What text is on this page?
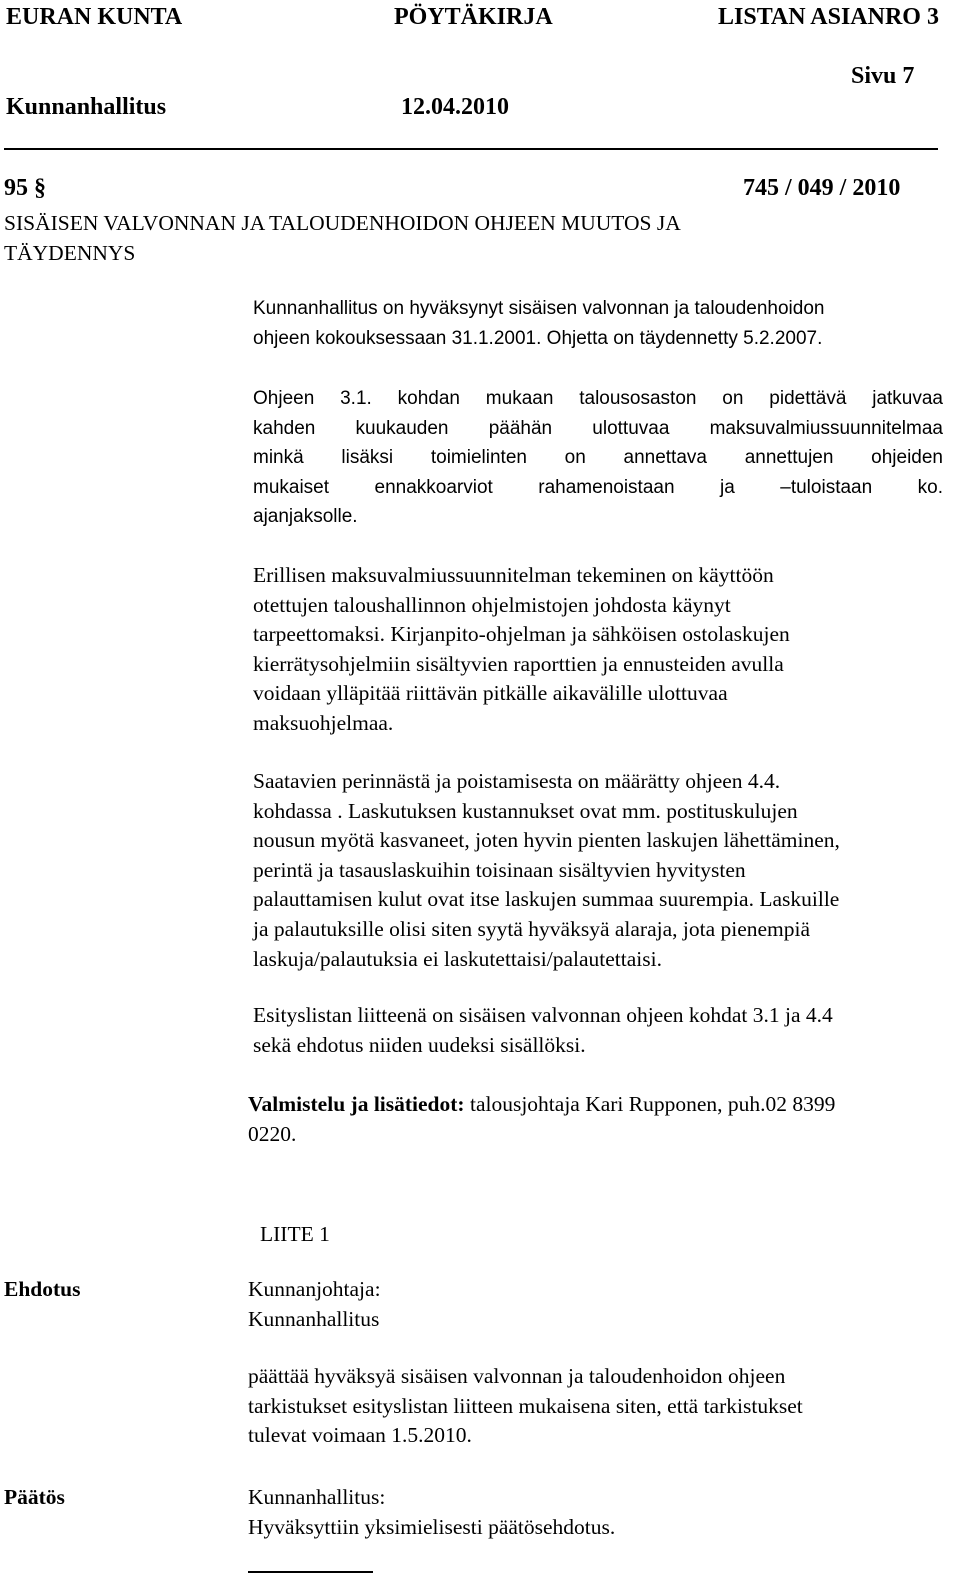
EURAN KUNTA	PÖYTÄKIRJA	LISTAN ASIANRO 3
Sivu 7
Kunnanhallitus	12.04.2010
95 §	745 / 049 / 2010
SISÄISEN VALVONNAN JA TALOUDENHOIDON OHJEEN MUUTOS JA
TÄYDENNYS
Kunnanhallitus on hyväksynyt sisäisen valvonnan ja taloudenhoidon
ohjeen kokouksessaan 31.1.2001. Ohjetta on täydennetty 5.2.2007.
Ohjeen 3.1. kohdan mukaan talousosaston on pidettävä jatkuvaa
kahden kuukauden päähän ulottuvaa maksuvalmiussuunnitelmaa
minkä lisäksi toimielinten on annettava annettujen ohjeiden
mukaiset ennakkoarviot rahamenoistaan ja –tuloistaan ko.
ajanjaksolle.
Erillisen maksuvalmiussuunnitelman tekeminen on käyttöön
otettujen taloushallinnon ohjelmistojen johdosta käynyt
tarpeettomaksi. Kirjanpito-ohjelman ja sähköisen ostolaskujen
kierrätysohjelmiin sisältyvien raporttien ja ennusteiden avulla
voidaan ylläpitää riittävän pitkälle aikavälille ulottuvaa
maksuohjelmaa.
Saatavien perinnästä ja poistamisesta on määrätty ohjeen 4.4.
kohdassa . Laskutuksen kustannukset ovat mm. postituskulujen
nousun myötä kasvaneet, joten hyvin pienten laskujen lähettäminen,
perintä ja tasauslaskuihin toisinaan sisältyvien hyvitysten
palauttamisen kulut ovat itse laskujen summaa suurempia. Laskuille
ja palautuksille olisi siten syytä hyväksyä alaraja, jota pienempiä
laskuja/palautuksia ei laskutettaisi/palautettaisi.
Esityslistan liitteenä on sisäisen valvonnan ohjeen kohdat 3.1 ja 4.4
sekä ehdotus niiden uudeksi sisällöksi.
Valmistelu ja lisätiedot: talousjohtaja Kari Rupponen, puh.02 8399
0220.
LIITE 1
Ehdotus	Kunnanjohtaja:
Kunnanhallitus
päättää hyväksyä sisäisen valvonnan ja taloudenhoidon ohjeen
tarkistukset esityslistan liitteen mukaisena siten, että tarkistukset
tulevat voimaan 1.5.2010.
Päätös	Kunnanhallitus:
Hyväksyttiin yksimielisesti päätösehdotus.
